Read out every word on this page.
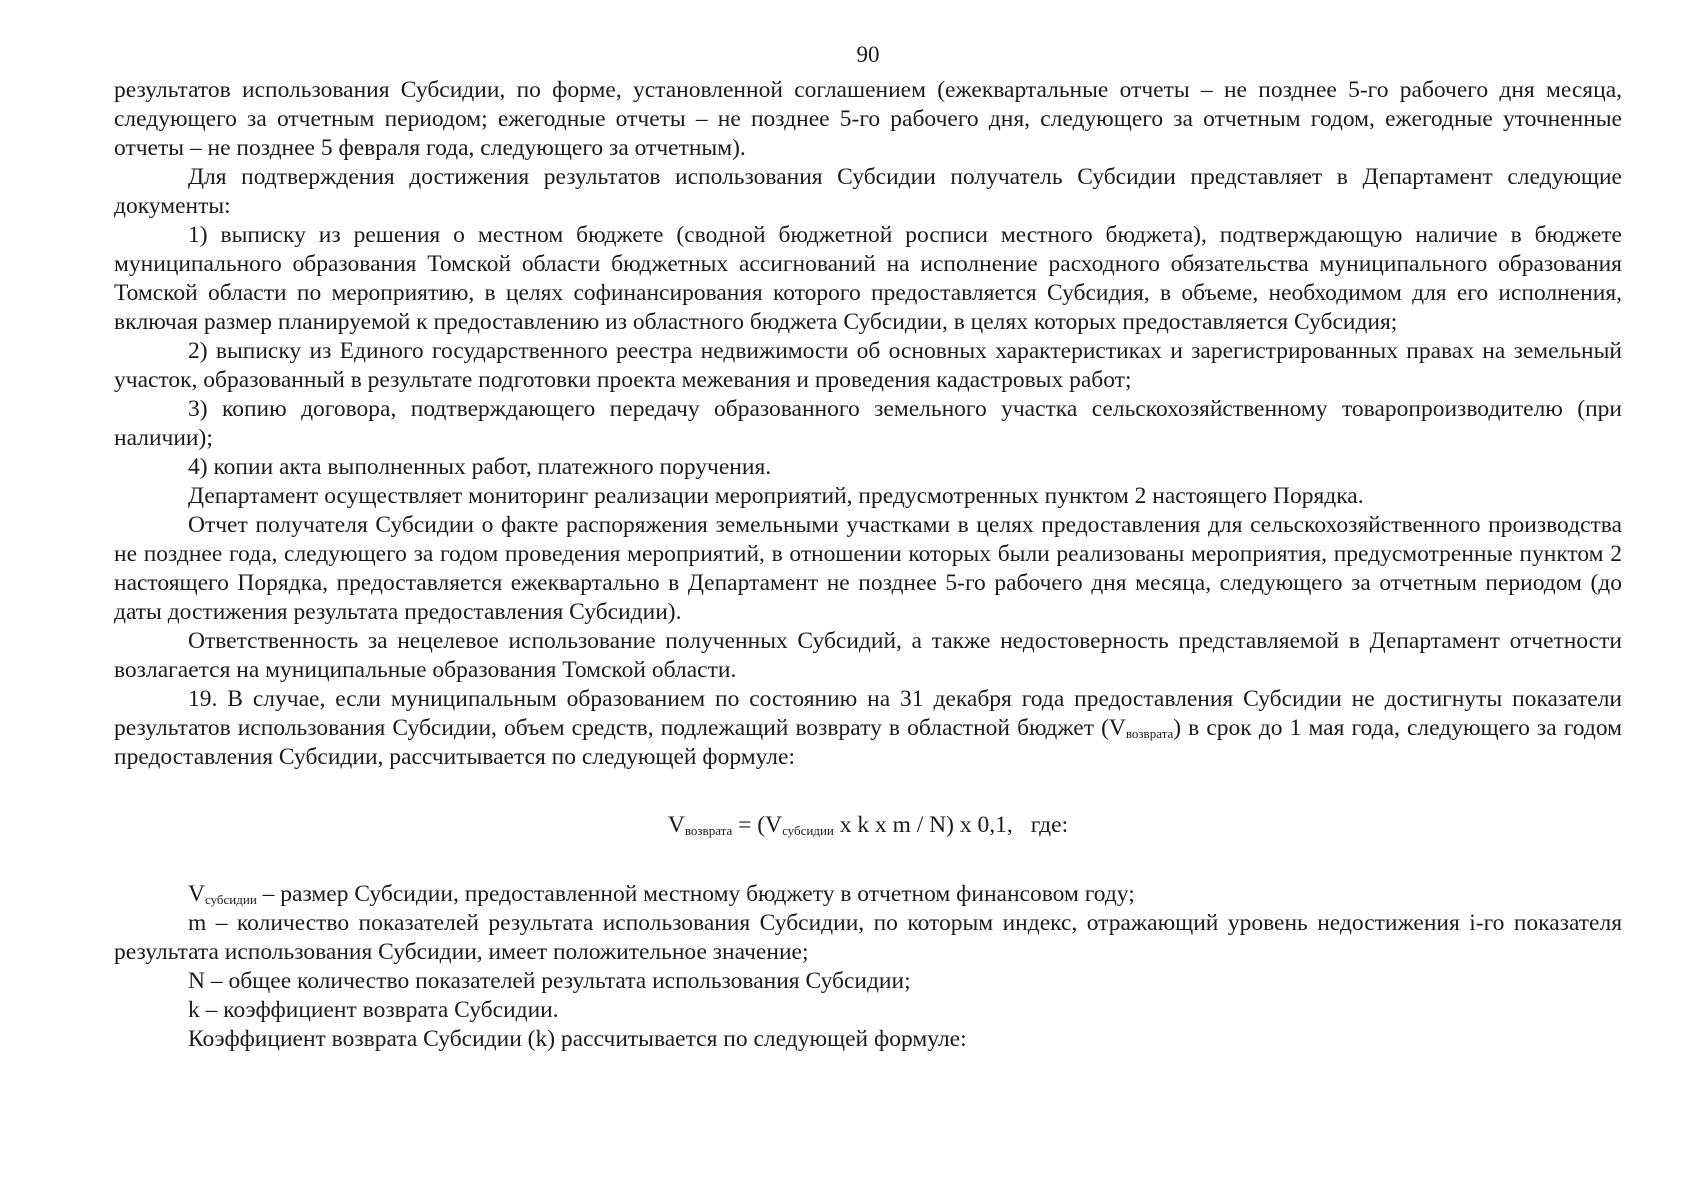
90

результатов использования Субсидии, по форме, установленной соглашением (ежеквартальные отчеты – не позднее 5-го рабочего дня месяца, следующего за отчетным периодом; ежегодные отчеты – не позднее 5-го рабочего дня, следующего за отчетным годом, ежегодные уточненные отчеты – не позднее 5 февраля года, следующего за отчетным).

Для подтверждения достижения результатов использования Субсидии получатель Субсидии представляет в Департамент следующие документы:

1) выписку из решения о местном бюджете (сводной бюджетной росписи местного бюджета), подтверждающую наличие в бюджете муниципального образования Томской области бюджетных ассигнований на исполнение расходного обязательства муниципального образования Томской области по мероприятию, в целях софинансирования которого предоставляется Субсидия, в объеме, необходимом для его исполнения, включая размер планируемой к предоставлению из областного бюджета Субсидии, в целях которых предоставляется Субсидия;

2) выписку из Единого государственного реестра недвижимости об основных характеристиках и зарегистрированных правах на земельный участок, образованный в результате подготовки проекта межевания и проведения кадастровых работ;

3) копию договора, подтверждающего передачу образованного земельного участка сельскохозяйственному товаропроизводителю (при наличии);

4) копии акта выполненных работ, платежного поручения.

Департамент осуществляет мониторинг реализации мероприятий, предусмотренных пунктом 2 настоящего Порядка.

Отчет получателя Субсидии о факте распоряжения земельными участками в целях предоставления для сельскохозяйственного производства не позднее года, следующего за годом проведения мероприятий, в отношении которых были реализованы мероприятия, предусмотренные пунктом 2 настоящего Порядка, предоставляется ежеквартально в Департамент не позднее 5-го рабочего дня месяца, следующего за отчетным периодом (до даты достижения результата предоставления Субсидии).

Ответственность за нецелевое использование полученных Субсидий, а также недостоверность представляемой в Департамент отчетности возлагается на муниципальные образования Томской области.

19. В случае, если муниципальным образованием по состоянию на 31 декабря года предоставления Субсидии не достигнуты показатели результатов использования Субсидии, объем средств, подлежащий возврату в областной бюджет $(V_{возврата})$ в срок до 1 мая года, следующего за годом предоставления Субсидии, рассчитывается по следующей формуле:

$V_{возврата} = (V_{субсидии}$ x k x m / N) x 0,1, где:

$V_{субсидии}$ – размер Субсидии, предоставленной местному бюджету в отчетном финансовом году;

m – количество показателей результата использования Субсидии, по которым индекс, отражающий уровень недостижения i-го показателя результата использования Субсидии, имеет положительное значение;

N – общее количество показателей результата использования Субсидии;

k – коэффициент возврата Субсидии.

Коэффициент возврата Субсидии (k) рассчитывается по следующей формуле:
